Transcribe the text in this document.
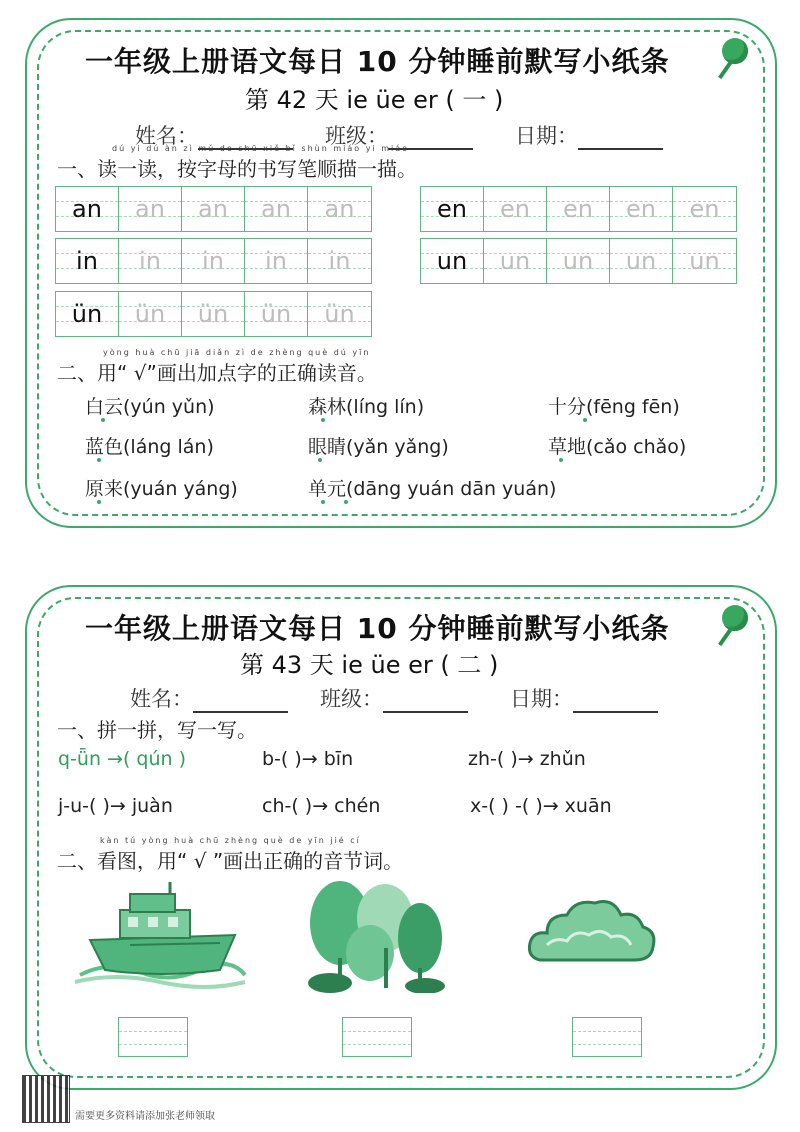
一年级上册语文每日 10 分钟睡前默写小纸条
第 42 天 ie üe er ( 一 )
姓名：	班级：	日期：
dú yi dú àn zì mǔ de shū xiě bǐ shùn miáo yi miáo
一、读一读，按字母的书写笔顺描一描。
an an an an an	en en en en en
in in in in in	un un un un un
ün ün ün ün ün
yòng huà chū jiā diǎn zì de zhèng què dú yīn
二、用“ √”画出加点字的正确读音。
白云(yún yǔn)	森林(líng lín)	十分(fēng fēn)
蓝色(láng lán)	眼睛(yǎn yǎng)	草地(cǎo chǎo)
原来(yuán yáng)	单元(dāng yuán dān yuán)
一年级上册语文每日 10 分钟睡前默写小纸条
第 43 天 ie üe er ( 二 )
姓名：	班级：	日期：
一、拼一拼，写一写。
q-ǖn →( qún )	b-( )→ bīn	zh-( )→ zhǔn
j-u-( )→ juàn	ch-( )→ chén	x-( ) -( )→ xuān
kàn tú yòng huà chū zhèng què de yīn jié cí
二、看图，用“ √ ”画出正确的音节词。
需要更多资料请添加张老师领取
